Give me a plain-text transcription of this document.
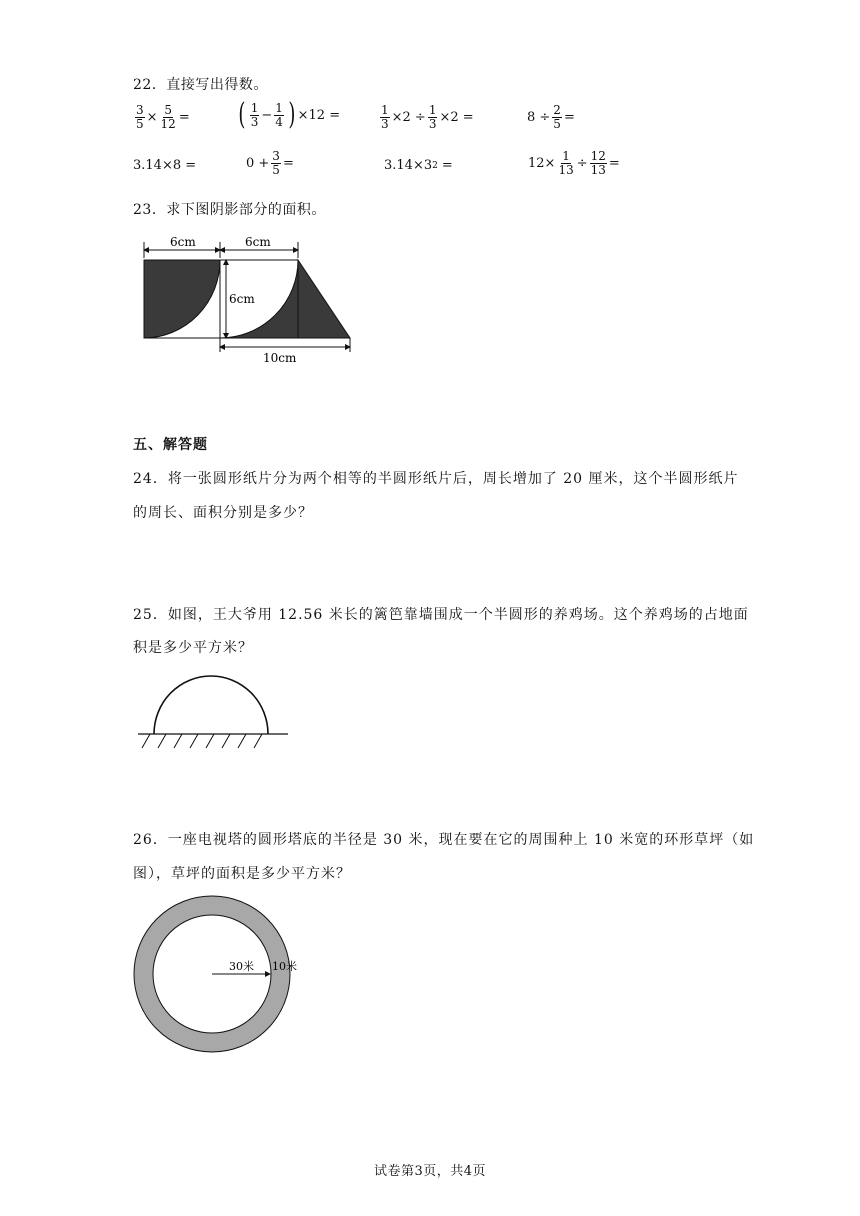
22．直接写出得数。
$\frac{3}{5} \times \frac{5}{12}$ = ( $\frac{1}{3} - \frac{1}{4}$ ) ×12 =	$\frac{1}{3} \times 2 \div \frac{1}{3} \times 2$ =	$8 \div \frac{2}{5}$ =
3.14×8 =	$0 + \frac{3}{5}$ =	3.14×3 2 =	$12\times \frac{1}{13} \div \frac{12}{13}$ =
23．求下图阴影部分的面积。
6cm	6cm
6cm
10cm
五、解答题
24．将一张圆形纸片分为两个相等的半圆形纸片后，周长增加了 20 厘米，这个半圆形纸片
的周长、面积分别是多少？
25．如图，王大爷用 12.56 米长的篱笆靠墙围成一个半圆形的养鸡场。这个养鸡场的占地面
积是多少平方米？
26．一座电视塔的圆形塔底的半径是 30 米，现在要在它的周围种上 10 米宽的环形草坪（如
图），草坪的面积是多少平方米？
30米 10米
试卷第3页，共4页
